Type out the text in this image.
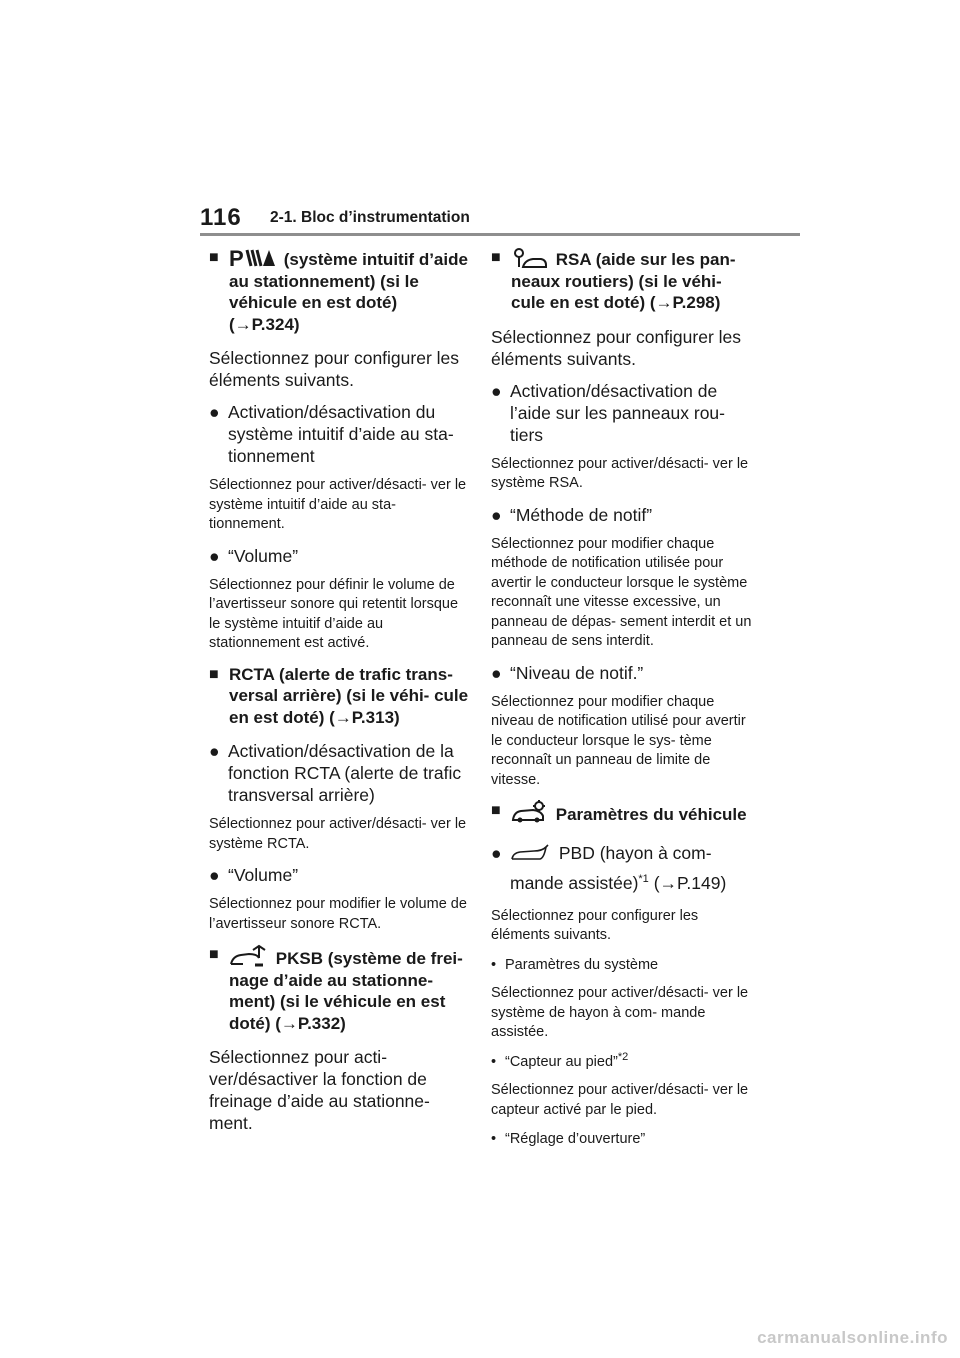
116 2-1. Bloc d’instrumentation
■ P (système intuitif d’aide au stationnement) (si le véhicule en est doté) (→P.324)
Sélectionnez pour configurer les éléments suivants.
● Activation/désactivation du système intuitif d’aide au sta- tionnement
Sélectionnez pour activer/désacti- ver le système intuitif d’aide au sta- tionnement.
● “Volume”
Sélectionnez pour définir le volume de l’avertisseur sonore qui retentit lorsque le système intuitif d’aide au stationnement est activé.
■ RCTA (alerte de trafic trans- versal arrière) (si le véhi- cule en est doté) (→P.313)
● Activation/désactivation de la fonction RCTA (alerte de trafic transversal arrière)
Sélectionnez pour activer/désacti- ver le système RCTA.
● “Volume”
Sélectionnez pour modifier le volume de l’avertisseur sonore RCTA.
■	PKSB (système de frei- nage d’aide au stationne- ment) (si le véhicule en est doté) (→P.332)
Sélectionnez pour acti- ver/désactiver la fonction de freinage d’aide au stationne- ment.
■	RSA (aide sur les pan- neaux routiers) (si le véhi- cule en est doté) (→P.298)
Sélectionnez pour configurer les éléments suivants.
● Activation/désactivation de l’aide sur les panneaux rou- tiers
Sélectionnez pour activer/désacti- ver le système RSA.
● “Méthode de notif”
Sélectionnez pour modifier chaque méthode de notification utilisée pour avertir le conducteur lorsque le système reconnaît une vitesse excessive, un panneau de dépas- sement interdit et un panneau de sens interdit.
● “Niveau de notif.”
Sélectionnez pour modifier chaque niveau de notification utilisé pour avertir le conducteur lorsque le sys- tème reconnaît un panneau de limite de vitesse.
■	Paramètres du véhicule
●	PBD (hayon à com- mande assistée)$^{*1}$ (→P.149)
Sélectionnez pour configurer les éléments suivants.
• Paramètres du système
Sélectionnez pour activer/désacti- ver le système de hayon à com- mande assistée.
• “Capteur au pied”$^{*2}$
Sélectionnez pour activer/désacti- ver le capteur activé par le pied.
• “Réglage d’ouverture”
carmanualsonline.info
